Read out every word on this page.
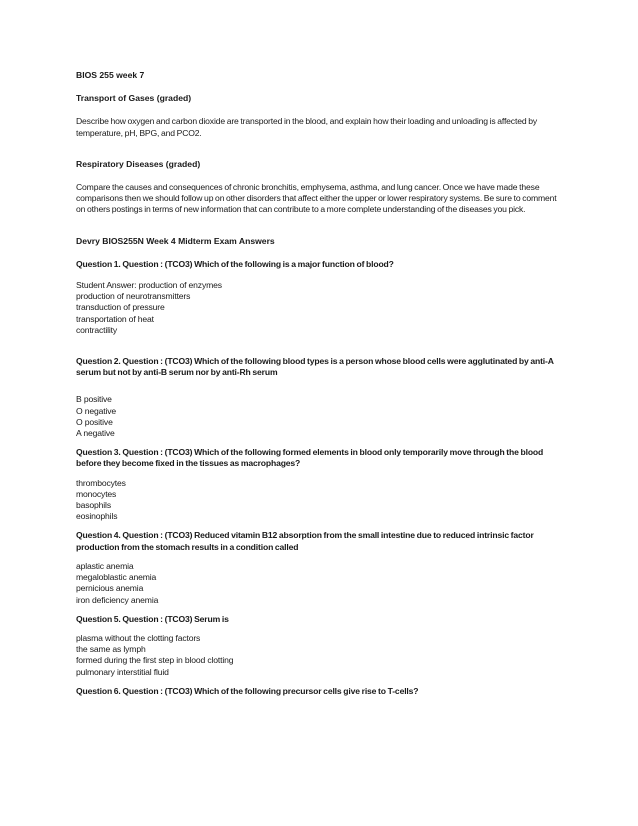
BIOS 255 week 7

Transport of Gases (graded)

Describe how oxygen and carbon dioxide are transported in the blood, and explain how their loading and unloading is affected by temperature, pH, BPG, and PCO2.

Respiratory Diseases (graded)

Compare the causes and consequences of chronic bronchitis, emphysema, asthma, and lung cancer. Once we have made these comparisons then we should follow up on other disorders that affect either the upper or lower respiratory systems. Be sure to comment on others postings in terms of new information that can contribute to a more complete understanding of the diseases you pick.

Devry BIOS255N Week 4 Midterm Exam Answers

Question 1. Question : (TCO3) Which of the following is a major function of blood?

Student Answer: production of enzymes
production of neurotransmitters
transduction of pressure
transportation of heat
contractility

Question 2. Question : (TCO3) Which of the following blood types is a person whose blood cells were agglutinated by anti-A serum but not by anti-B serum nor by anti-Rh serum

B positive
O negative
O positive
A negative

Question 3. Question : (TCO3) Which of the following formed elements in blood only temporarily move through the blood before they become fixed in the tissues as macrophages?

thrombocytes
monocytes
basophils
eosinophils

Question 4. Question : (TCO3) Reduced vitamin B12 absorption from the small intestine due to reduced intrinsic factor production from the stomach results in a condition called

aplastic anemia
megaloblastic anemia
pernicious anemia
iron deficiency anemia

Question 5. Question : (TCO3) Serum is

plasma without the clotting factors
the same as lymph
formed during the first step in blood clotting
pulmonary interstitial fluid

Question 6. Question : (TCO3) Which of the following precursor cells give rise to T-cells?
